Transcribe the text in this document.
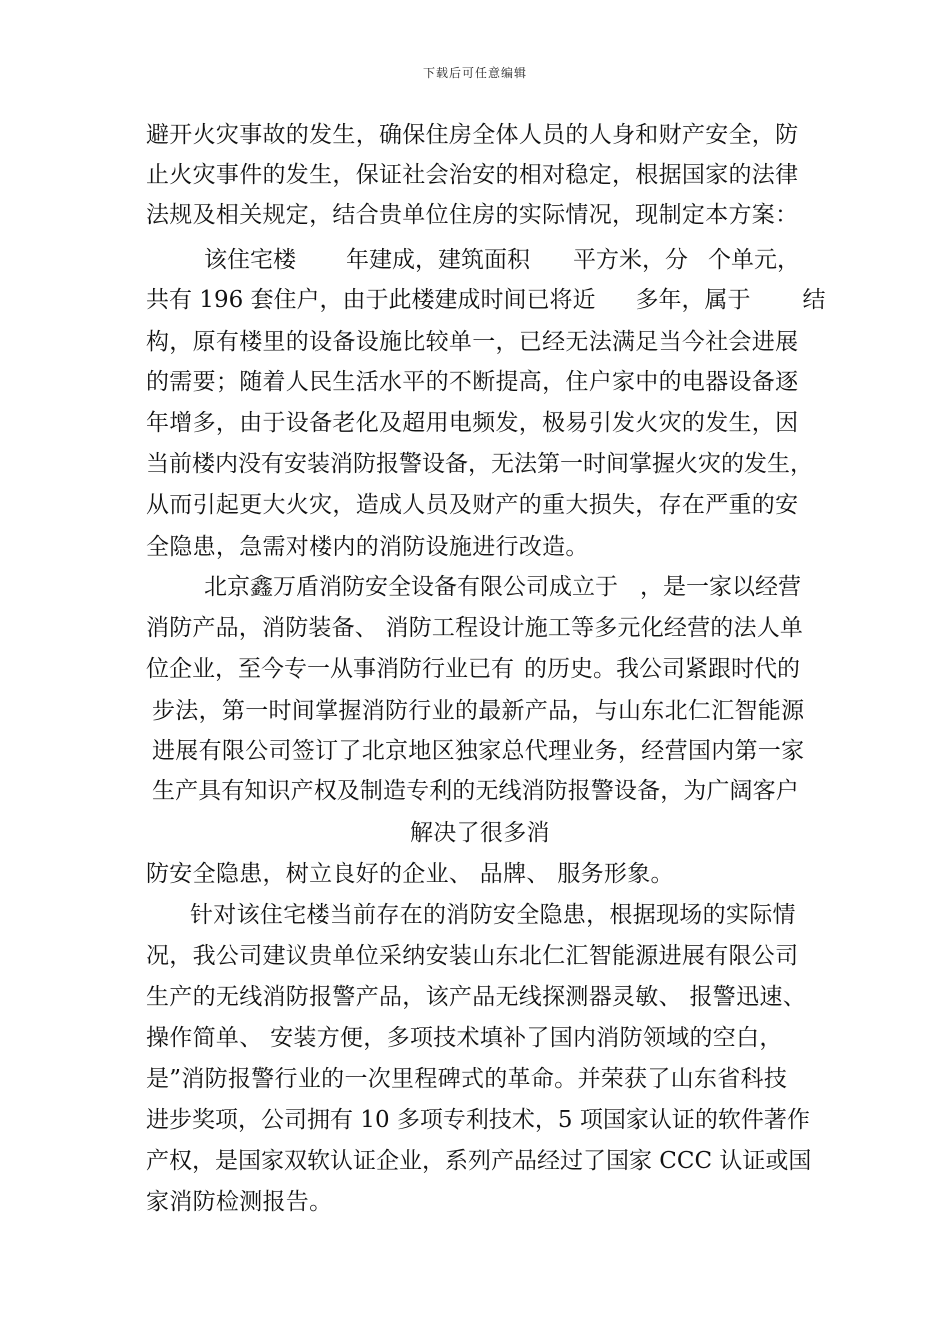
下载后可任意编辑
避开火灾事故的发生，确保住房全体人员的人身和财产安全，防
止火灾事件的发生，保证社会治安的相对稳定，根据国家的法律
法规及相关规定，结合贵单位住房的实际情况，现制定本方案：
该住宅楼 年建成，建筑面积 平方米，分 个单元，
共有 196 套住户，由于此楼建成时间已将近 多年，属于 结
构，原有楼里的设备设施比较单一，已经无法满足当今社会进展
的需要；随着人民生活水平的不断提高，住户家中的电器设备逐
年增多，由于设备老化及超用电频发，极易引发火灾的发生，因
当前楼内没有安装消防报警设备，无法第一时间掌握火灾的发生，
从而引起更大火灾，造成人员及财产的重大损失，存在严重的安
全隐患，急需对楼内的消防设施进行改造。
北京鑫万盾消防安全设备有限公司成立于 ，是一家以经营
消防产品，消防装备、 消防工程设计施工等多元化经营的法人单
位企业，至今专一从事消防行业已有 的历史。我公司紧跟时代的
步法，第一时间掌握消防行业的最新产品，与山东北仁汇智能源
进展有限公司签订了北京地区独家总代理业务，经营国内第一家
生产具有知识产权及制造专利的无线消防报警设备，为广阔客户
解决了很多消
防安全隐患，树立良好的企业、 品牌、 服务形象。
针对该住宅楼当前存在的消防安全隐患，根据现场的实际情
况，我公司建议贵单位采纳安装山东北仁汇智能源进展有限公司
生产的无线消防报警产品，该产品无线探测器灵敏、 报警迅速、
操作简单、 安装方便，多项技术填补了国内消防领域的空白，
是”消防报警行业的一次里程碑式的革命。并荣获了山东省科技
进步奖项，公司拥有 10 多项专利技术，5 项国家认证的软件著作
产权，是国家双软认证企业，系列产品经过了国家 CCC 认证或国
家消防检测报告。
